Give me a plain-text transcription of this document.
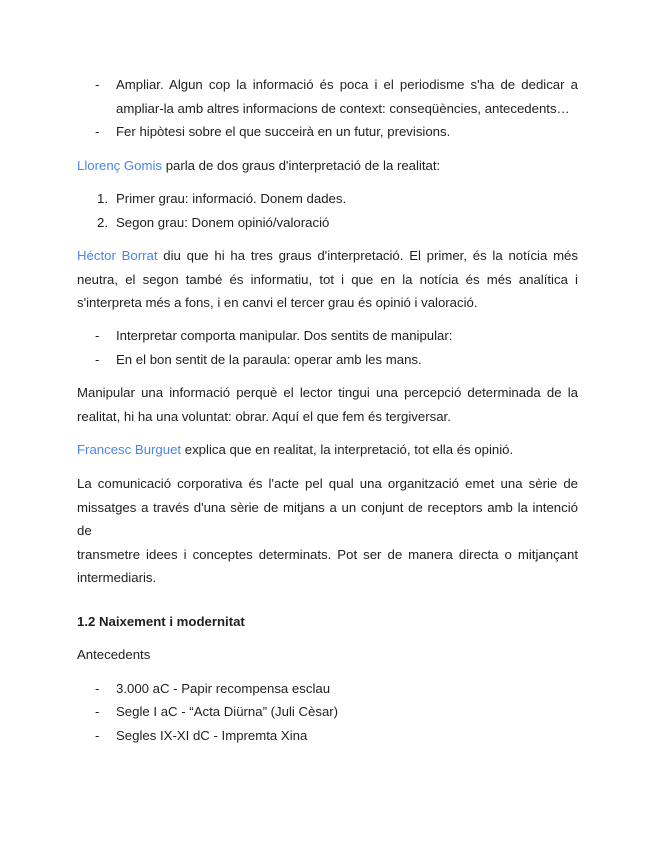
- Ampliar. Algun cop la informació és poca i el periodisme s'ha de dedicar a
ampliar-la amb altres informacions de context: conseqüències, antecedents…
- Fer hipòtesi sobre el que succeirà en un futur, previsions.

Llorenç Gomis parla de dos graus d'interpretació de la realitat:

1. Primer grau: informació. Donem dades.
2. Segon grau: Donem opinió/valoració

Héctor Borrat diu que hi ha tres graus d'interpretació. El primer, és la notícia més

neutra, el segon també és informatiu, tot i que en la notícia és més analítica i

s'interpreta més a fons, i en canvi el tercer grau és opinió i valoració.

- Interpretar comporta manipular. Dos sentits de manipular:
- En el bon sentit de la paraula: operar amb les mans.

Manipular una informació perquè el lector tingui una percepció determinada de la

realitat, hi ha una voluntat: obrar. Aquí el que fem és tergiversar.

Francesc Burguet explica que en realitat, la interpretació, tot ella és opinió.

La comunicació corporativa és l'acte pel qual una organització emet una sèrie de

missatges a través d'una sèrie de mitjans a un conjunt de receptors amb la intenció de

transmetre idees i conceptes determinats. Pot ser de manera directa o mitjançant

intermediaris.

1.2 Naixement i modernitat

Antecedents

- 3.000 aC - Papir recompensa esclau
- Segle I aC - “Acta Diürna” (Juli Cèsar)
- Segles IX-XI dC - Impremta Xina
